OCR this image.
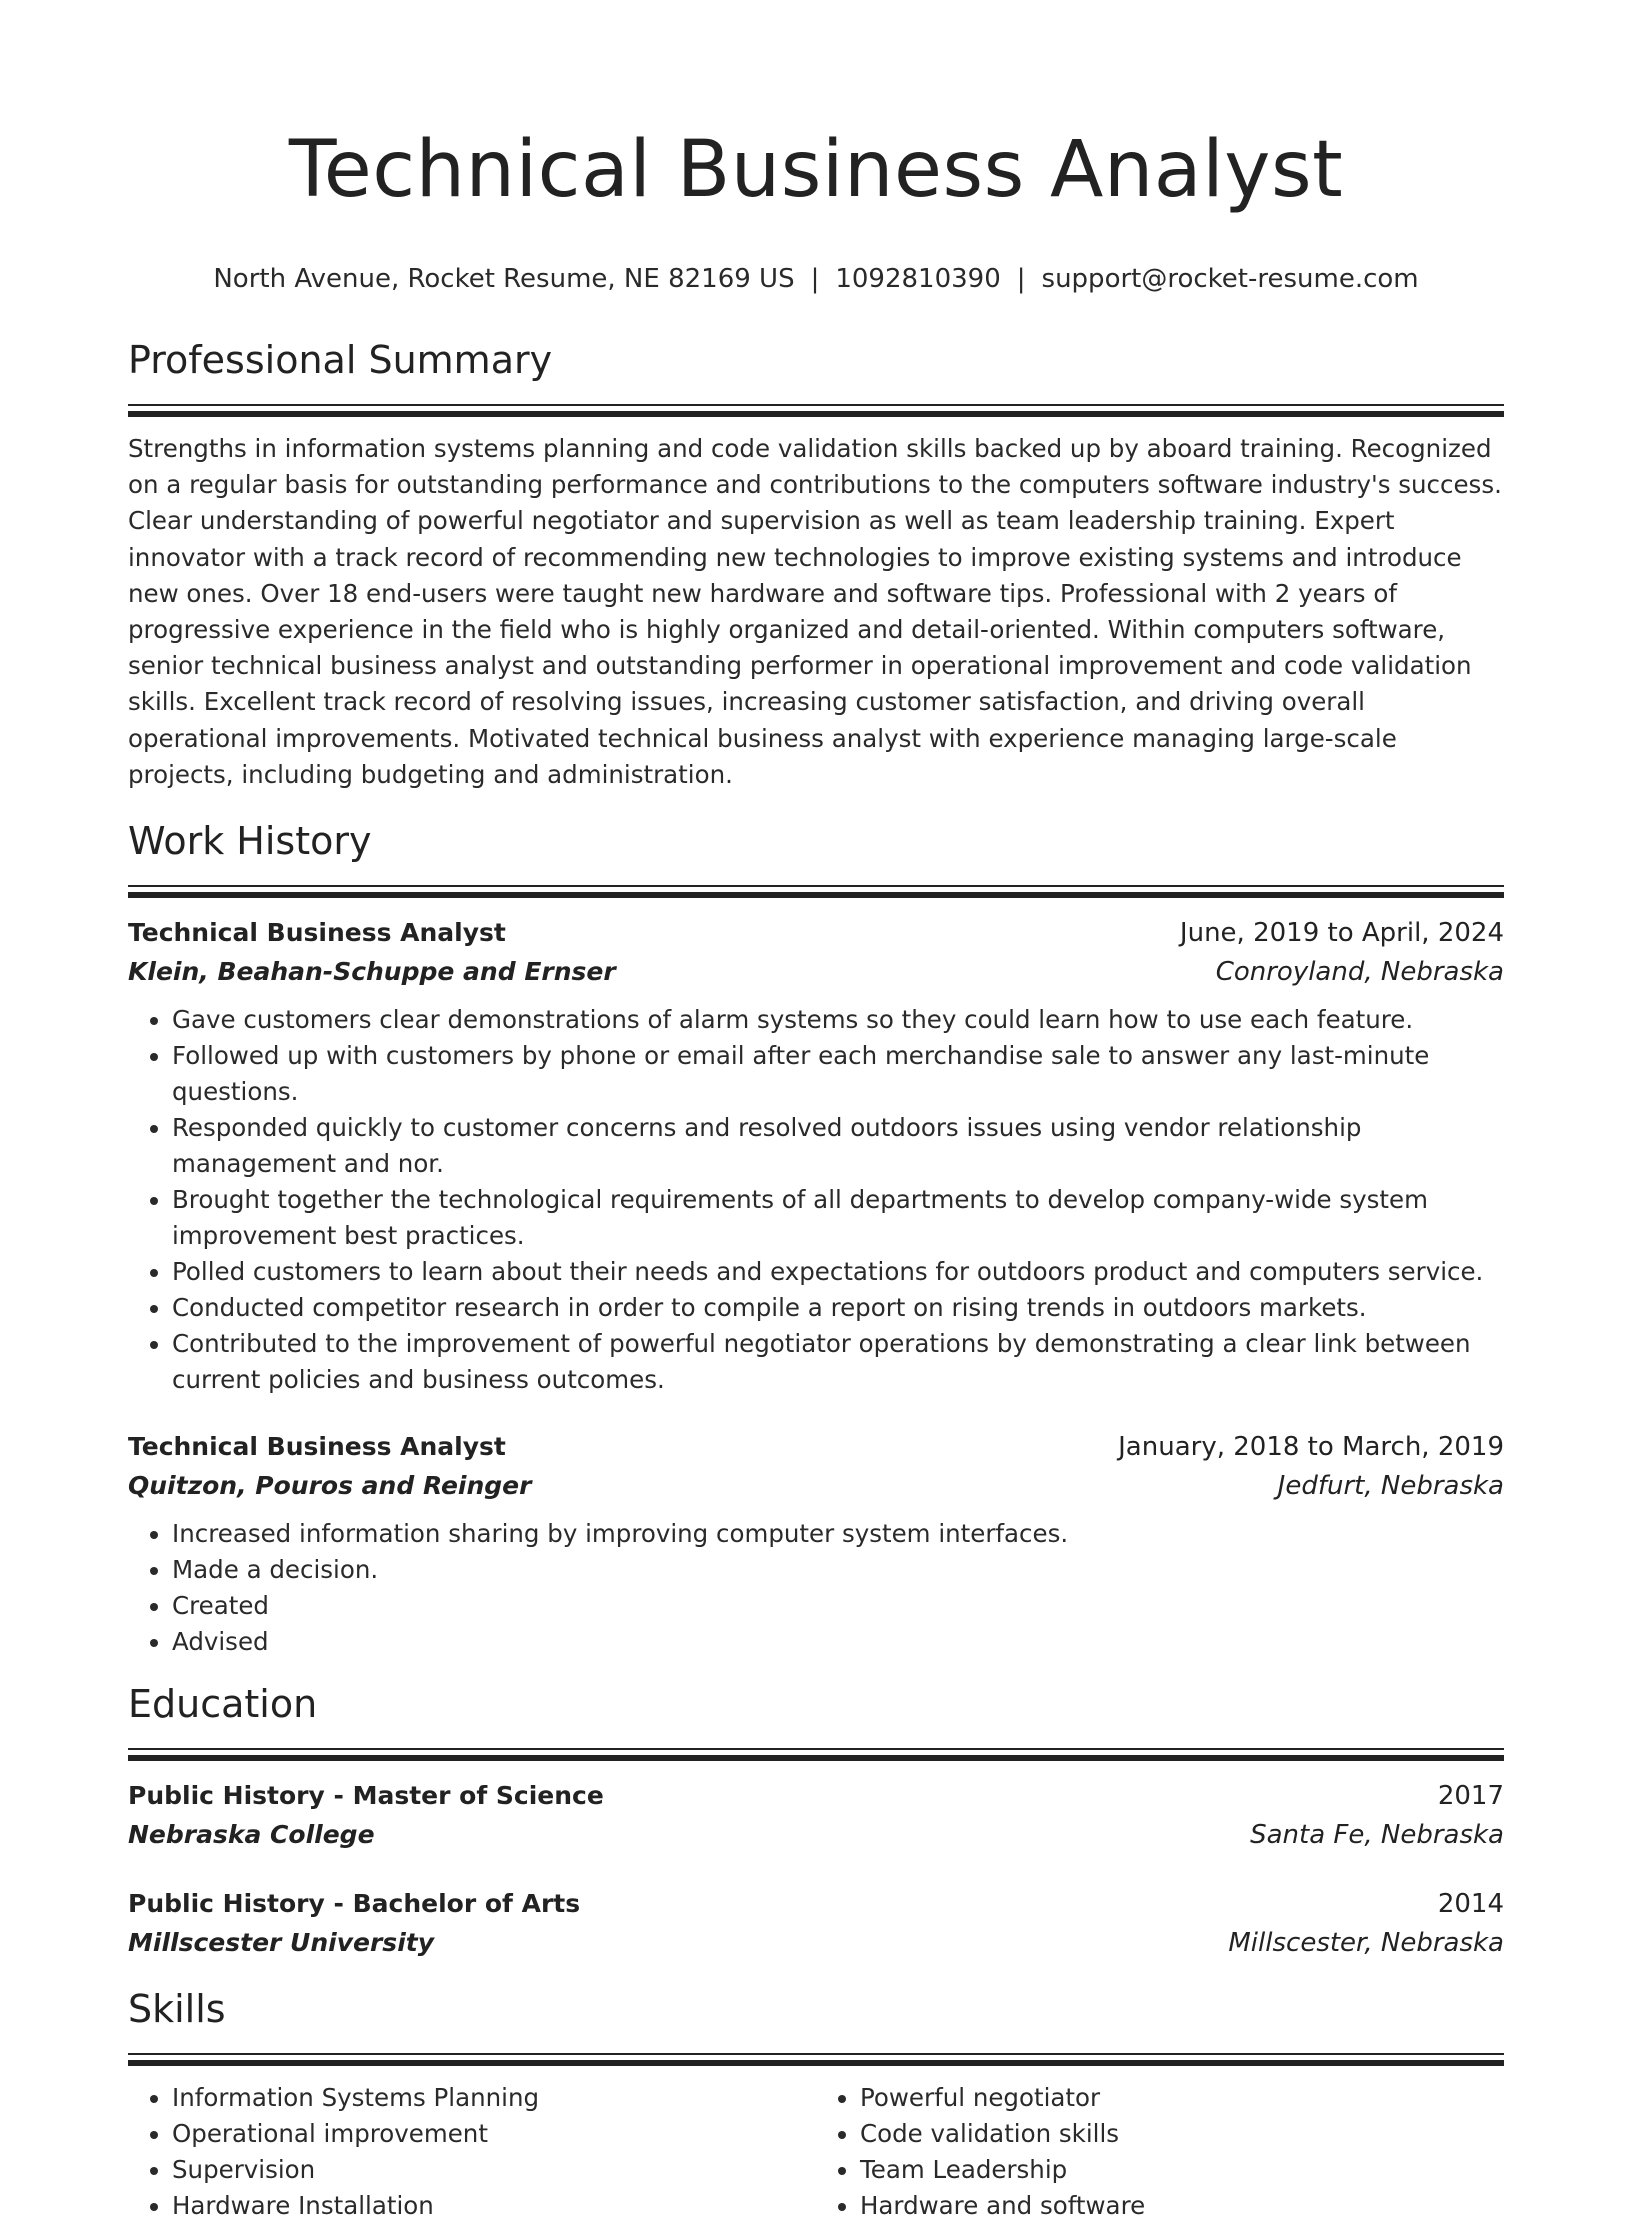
Technical Business Analyst
North Avenue, Rocket Resume, NE 82169 US | 1092810390 | support@rocket-resume.com
Professional Summary

Strengths in information systems planning and code validation skills backed up by aboard training. Recognized on a regular basis for outstanding performance and contributions to the computers software industry's success. Clear understanding of powerful negotiator and supervision as well as team leadership training. Expert innovator with a track record of recommending new technologies to improve existing systems and introduce new ones. Over 18 end-users were taught new hardware and software tips. Professional with 2 years of progressive experience in the field who is highly organized and detail-oriented. Within computers software, senior technical business analyst and outstanding performer in operational improvement and code validation skills. Excellent track record of resolving issues, increasing customer satisfaction, and driving overall operational improvements. Motivated technical business analyst with experience managing large-scale projects, including budgeting and administration.

Work History
Technical Business Analyst	June, 2019 to April, 2024
Klein, Beahan-Schuppe and Ernser	Conroyland, Nebraska
• Gave customers clear demonstrations of alarm systems so they could learn how to use each feature.
• Followed up with customers by phone or email after each merchandise sale to answer any last-minute questions.
• Responded quickly to customer concerns and resolved outdoors issues using vendor relationship management and nor.
• Brought together the technological requirements of all departments to develop company-wide system improvement best practices.
• Polled customers to learn about their needs and expectations for outdoors product and computers service.
• Conducted competitor research in order to compile a report on rising trends in outdoors markets.
• Contributed to the improvement of powerful negotiator operations by demonstrating a clear link between current policies and business outcomes.
Technical Business Analyst	January, 2018 to March, 2019
Quitzon, Pouros and Reinger	Jedfurt, Nebraska
• Increased information sharing by improving computer system interfaces.
• Made a decision.
• Created
• Advised
Education
Public History - Master of Science	2017
Nebraska College	Santa Fe, Nebraska
Public History - Bachelor of Arts	2014
Millscester University	Millscester, Nebraska
Skills
• Information Systems Planning
• Operational improvement
• Supervision
• Hardware Installation
• Powerful negotiator
• Code validation skills
• Team Leadership
• Hardware and software
